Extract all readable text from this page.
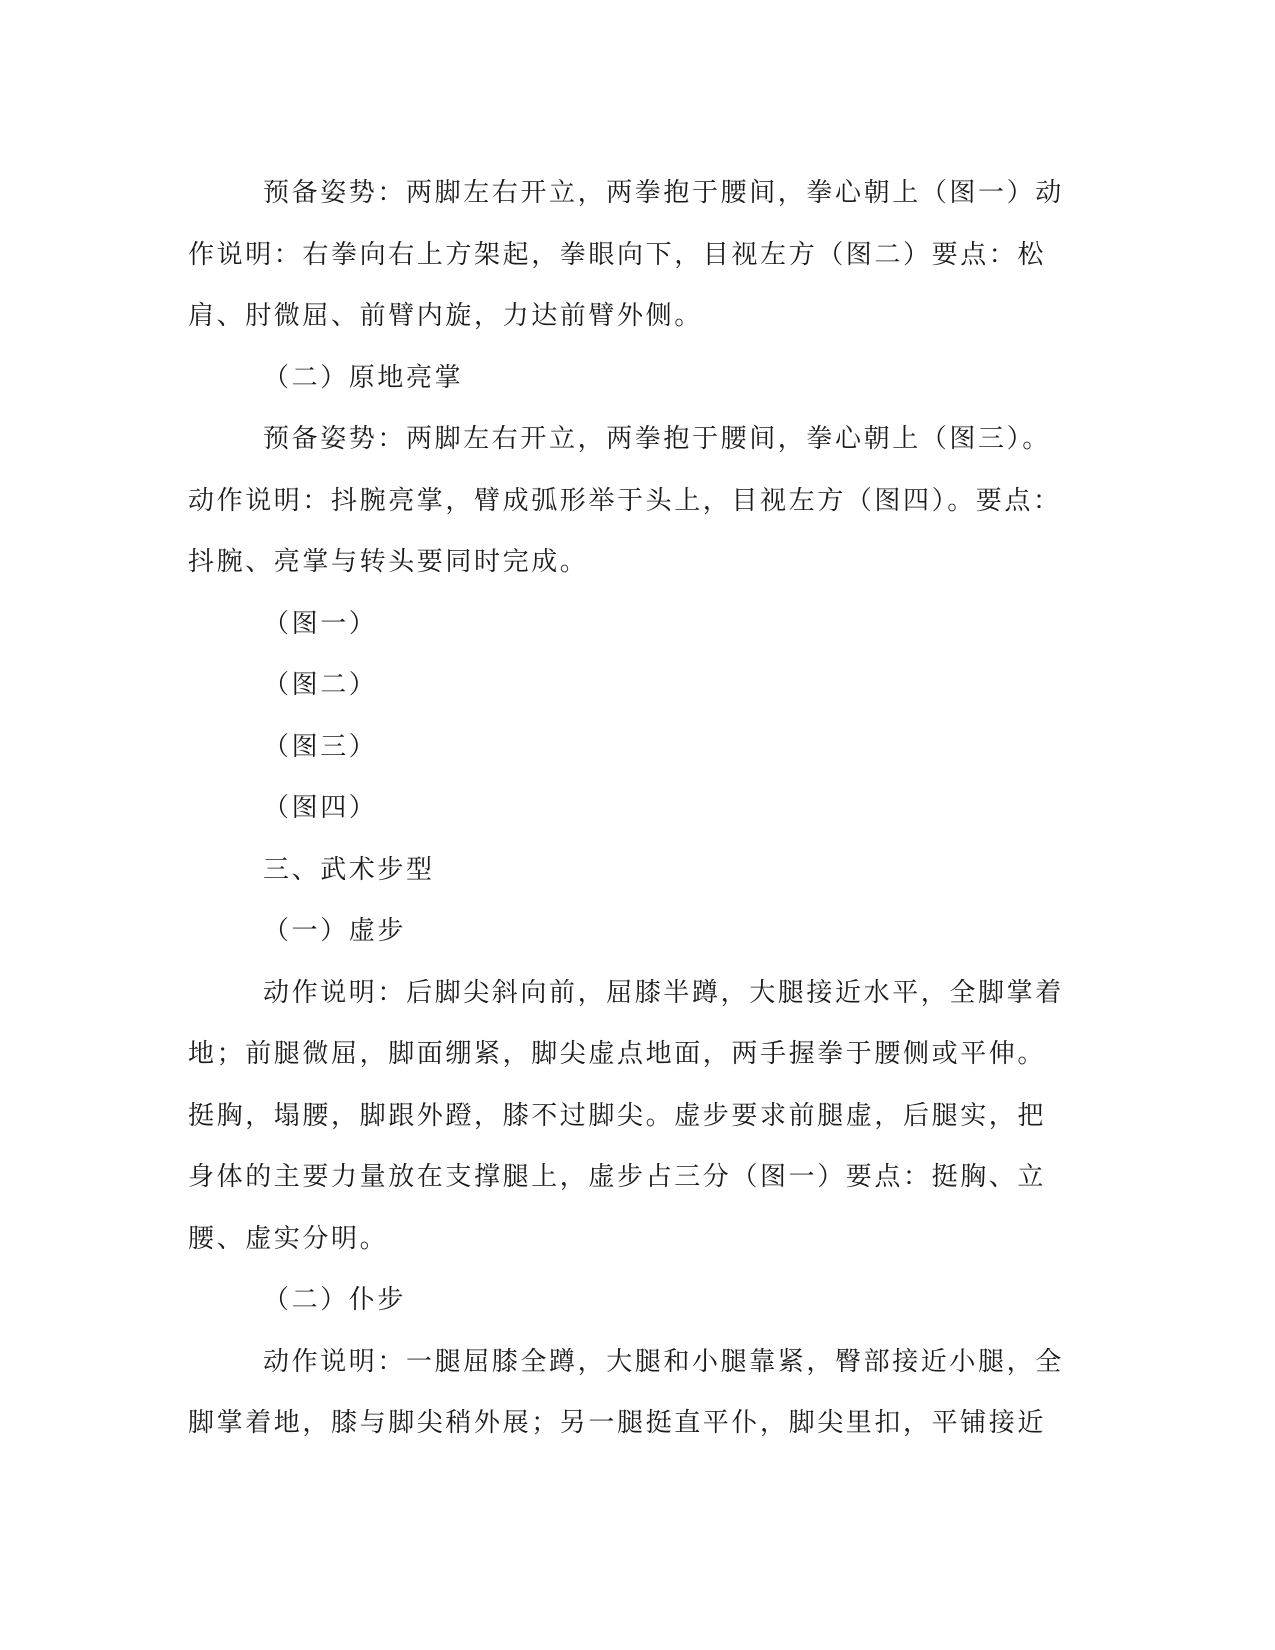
预备姿势：两脚左右开立，两拳抱于腰间，拳心朝上（图一）动作说明：右拳向右上方架起，拳眼向下，目视左方（图二）要点：松肩、肘微屈、前臂内旋，力达前臂外侧。

（二）原地亮掌

预备姿势：两脚左右开立，两拳抱于腰间，拳心朝上（图三）。动作说明：抖腕亮掌，臂成弧形举于头上，目视左方（图四）。要点：抖腕、亮掌与转头要同时完成。

（图一）

（图二）

（图三）

（图四）

三、武术步型

（一）虚步

动作说明：后脚尖斜向前，屈膝半蹲，大腿接近水平，全脚掌着地；前腿微屈，脚面绷紧，脚尖虚点地面，两手握拳于腰侧或平伸。挺胸，塌腰，脚跟外蹬，膝不过脚尖。虚步要求前腿虚，后腿实，把身体的主要力量放在支撑腿上，虚步占三分（图一）要点：挺胸、立腰、虚实分明。

（二）仆步

动作说明：一腿屈膝全蹲，大腿和小腿靠紧，臀部接近小腿，全脚掌着地，膝与脚尖稍外展；另一腿挺直平仆，脚尖里扣，平铺接近
